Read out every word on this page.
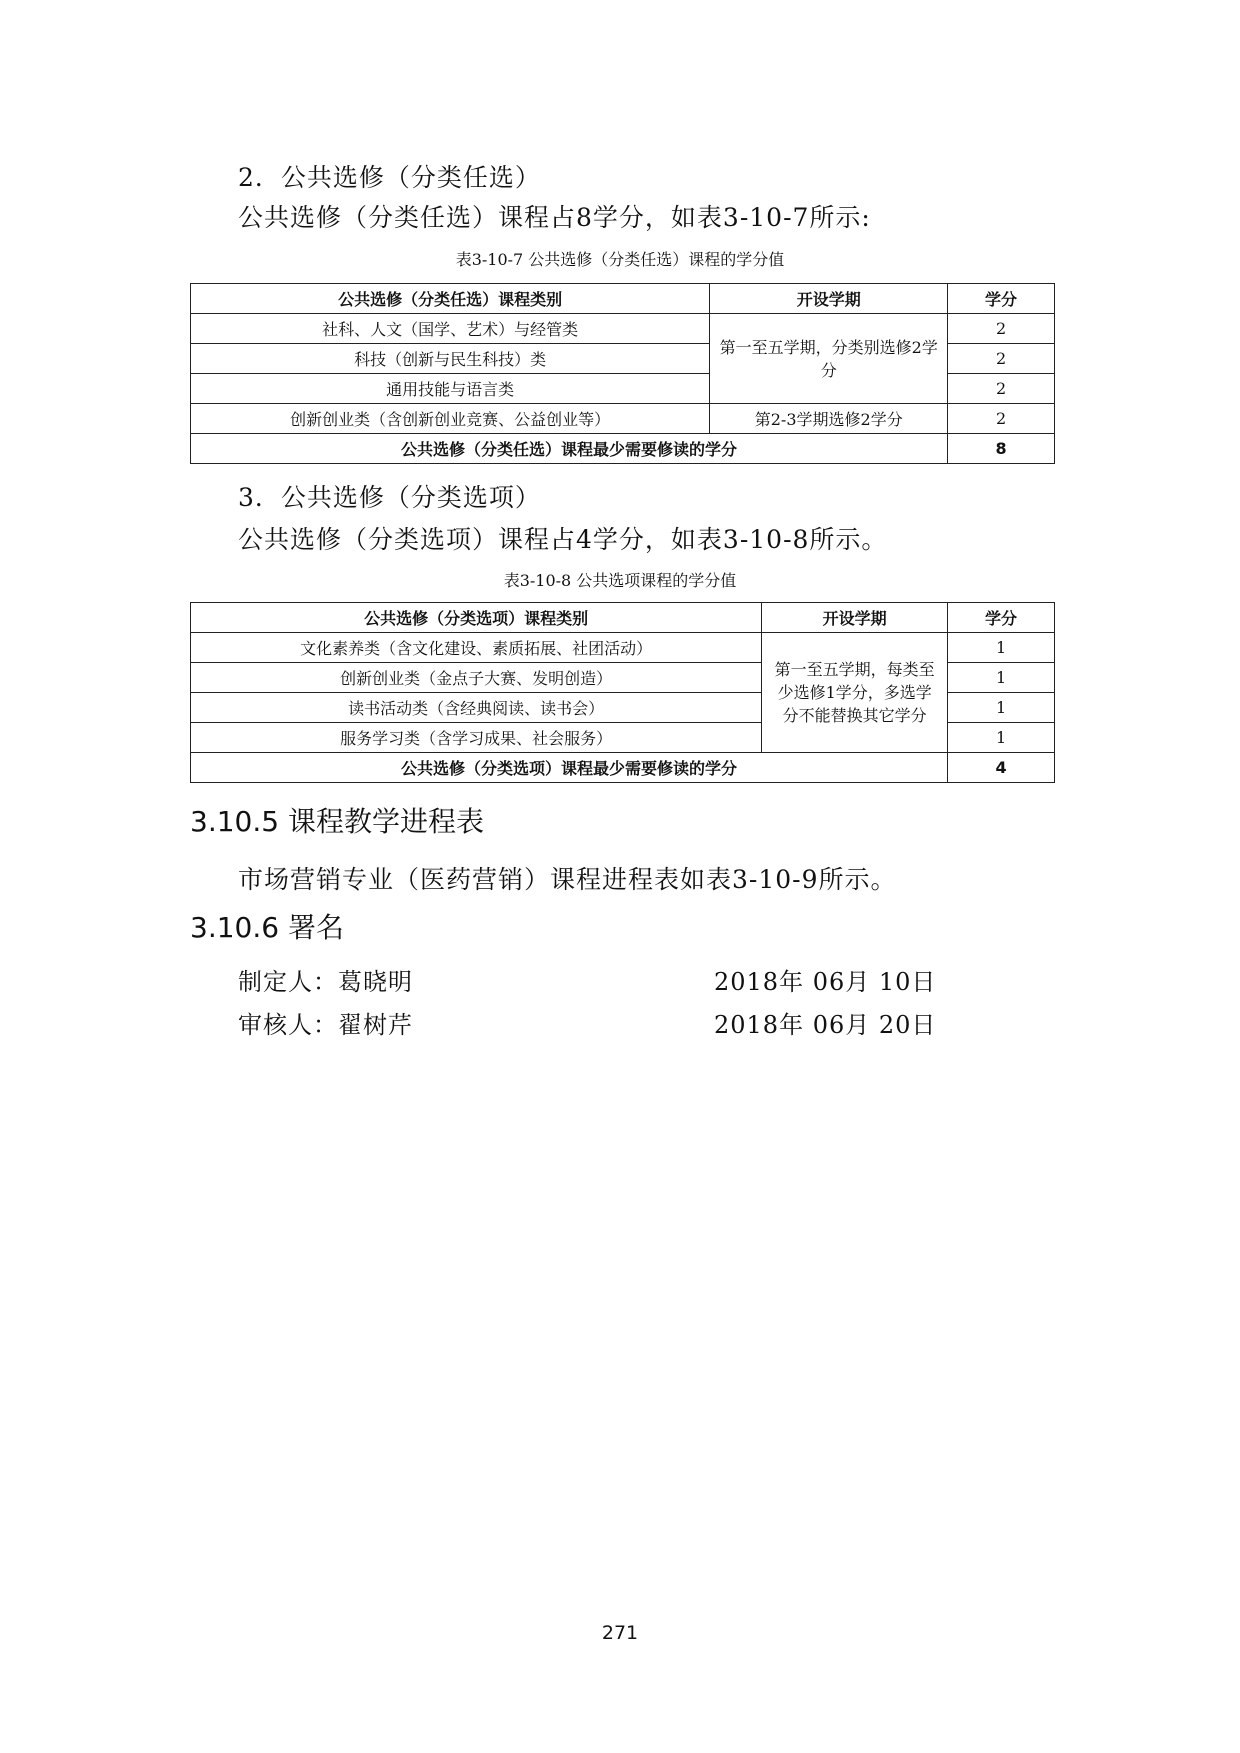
2．公共选修（分类任选）
公共选修（分类任选）课程占8学分，如表3-10-7所示:
表3-10-7 公共选修（分类任选）课程的学分值
公共选修（分类任选）课程类别	开设学期	学分
社科、人文（国学、艺术）与经管类	第一至五学期，分类别选修2学分	2
科技（创新与民生科技）类		2
通用技能与语言类		2
创新创业类（含创新创业竞赛、公益创业等）	第2-3学期选修2学分	2
公共选修（分类任选）课程最少需要修读的学分		8
3．公共选修（分类选项）
公共选修（分类选项）课程占4学分，如表3-10-8所示。
表3-10-8 公共选项课程的学分值
公共选修（分类选项）课程类别	开设学期	学分
文化素养类（含文化建设、素质拓展、社团活动）	第一至五学期，每类至少选修1学分，多选学分不能替换其它学分	1
创新创业类（金点子大赛、发明创造）		1
读书活动类（含经典阅读、读书会）		1
服务学习类（含学习成果、社会服务）		1
公共选修（分类选项）课程最少需要修读的学分		4
3.10.5 课程教学进程表
市场营销专业（医药营销）课程进程表如表3-10-9所示。
3.10.6 署名
制定人：葛晓明	2018年 06月 10日
审核人：翟树芹	2018年 06月 20日
271
